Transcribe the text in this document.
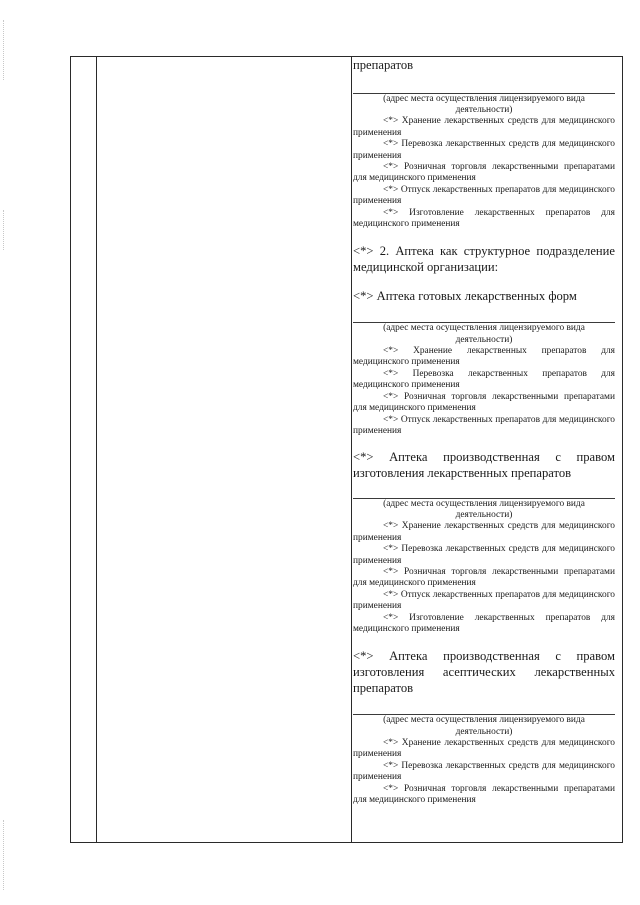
препаратов
(адрес места осуществления лицензируемого вида деятельности)
<*> Хранение лекарственных средств для медицинского применения
<*> Перевозка лекарственных средств для медицинского применения
<*> Розничная торговля лекарственными препаратами для медицинского применения
<*> Отпуск лекарственных препаратов для медицинского применения
<*> Изготовление лекарственных препаратов для медицинского применения
<*> 2. Аптека как структурное подразделение медицинской организации:
<*> Аптека готовых лекарственных форм
(адрес места осуществления лицензируемого вида деятельности)
<*> Хранение лекарственных препаратов для медицинского применения
<*> Перевозка лекарственных препаратов для медицинского применения
<*> Розничная торговля лекарственными препаратами для медицинского применения
<*> Отпуск лекарственных препаратов для медицинского применения
<*> Аптека производственная с правом изготовления лекарственных препаратов
(адрес места осуществления лицензируемого вида деятельности)
<*> Хранение лекарственных средств для медицинского применения
<*> Перевозка лекарственных средств для медицинского применения
<*> Розничная торговля лекарственными препаратами для медицинского применения
<*> Отпуск лекарственных препаратов для медицинского применения
<*> Изготовление лекарственных препаратов для медицинского применения
<*> Аптека производственная с правом изготовления асептических лекарственных препаратов
(адрес места осуществления лицензируемого вида деятельности)
<*> Хранение лекарственных средств для медицинского применения
<*> Перевозка лекарственных средств для медицинского применения
<*> Розничная торговля лекарственными препаратами для медицинского применения
